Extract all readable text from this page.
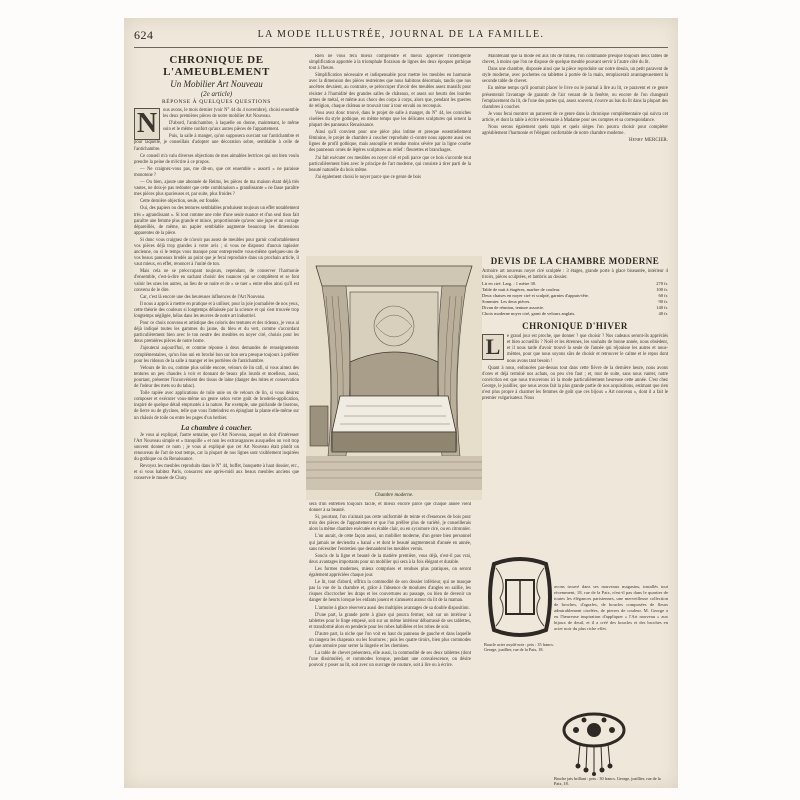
624	LA MODE ILLUSTRÉE, JOURNAL DE LA FAMILLE.
CHRONIQUE DE L'AMEUBLEMENT
Un Mobilier Art Nouveau
(2e article)
RÉPONSE À QUELQUES QUESTIONS
N	ous avons, le mois dernier (voir N° 44 du 4 novembre), choisi ensemble les deux premières pièces de notre mobilier Art Nouveau.

D'abord, l'antichambre, à laquelle on donne, maintenant, le même soin et le même confort qu'aux autres pièces de l'appartement.

Puis, la salle à manger, qu'on supposera ouvrant sur l'antichambre et pour laquelle, je conseillais d'adopter une décoration sobre, semblable à celle de l'antichambre.

Ce conseil m'a valu diverses objections de mes aimables lectrices qui ont bien voulu prendre la peine de m'écrire à ce propos.

— Ne craignez-vous pas, me dit-on, que cet ensemble « assorti » ne paraisse monotone ?

— Ou bien, ajoute une abonnée de Reims, les pièces de ma maison étant déjà très vastes, ne dois-je pas redouter que cette combinaison « grandissante » ne fasse paraître mes pièces plus spacieuses et, par suite, plus froides ?

Cette dernière objection, seule, est fondée.

Oui, des papiers ou des tentures semblables produisent toujours un effet notablement très « agrandissant ». Si tout comme une robe d'une seule nuance et d'un seul tissu fait paraître une femme plus grande et mince, proportionnée qu'avec une jupe et un corsage dépareillés, de même, un papier semblable augmente beaucoup les dimensions apparentes de la pièce.

Si donc vous craignez de n'avoir pas assez de meubles pour garnir confortablement vos pièces déjà trop grandes à votre avis ; si vous ne disposez d'aucun tapissier ancienne, ou si le temps vous manque pour entreprendre vous-même quelques-uns de vos beaux panneaux brodés au point que je ferai reproduire dans un prochain article, il vaut mieux, en effet, renoncer à l'unité de ton.

Mais cela ne se préoccupant toujours, cependant, de conserver l'harmonie d'ensemble, c'est-à-dire en sachant choisir des nuances qui se complètent et se font valoir les unes les autres, au lieu de se nuire et de « se tuer » entre elles ainsi qu'il est convenu de le dire.

Car, c'est là encore une des heureuses influences de l'Art Nouveau.

Il nous a appris à mettre en pratique et à utiliser, pour la joie journalière de nos yeux, cette théorie des couleurs si longtemps délaissée par la science et qui s'est trouvée trop longtemps négligée, hélas dans les œuvres de notre art industriel.

Pour ce choix nouveau et artistique des coloris des tentures et des rideaux, je vous ai déjà indiqué toutes les gammes du jaune, du bleu et du vert, comme s'accordant particulièrement bien avec le ton neutre des meubles en noyer ciré, choisis pour les deux premières pièces de notre home.

J'ajouterai aujourd'hui, et comme réponse à deux demandes de renseignements complémentaires, qu'un lino uni en broché bon sur bon sera presque toujours à préférer pour les rideaux de la salle à manger et les portières de l'antichambre.

Velours de lin ou, comme plus solide encore, velours de lin cafi, si vous aimez des tentures un peu chaudes à voir et donnant de beaux plis lourds et moelleux, aussi, pourtant, présenter l'inconvénient des tissus de laine (danger des mites et conservation de l'odeur des mets ou du tabac).

Toile rapiée avec applications de toile unie ou de velours de lin, si vous désirez composer et exécuter vous-même un genre selon votre goût de broderie-application, inspiré de quelque détail empruntés à la nature. Par exemple, une guirlande de liserons, de lierre ou de glycines, telle que vous l'atteindrez en épinglant la plante elle-même sur un châssis de toile ou entre les pages d'un herbier.

La chambre à coucher.

Je vous ai expliqué, l'autre semaine, que l'Art Nouveau, auquel on doit d'intéresser l'Art Nouveau simple et « tranquille » et non les extravagances auxquelles on voit trop souvent donner ce nom ; je vous ai expliqué que cet Art Nouveau était plutôt un renouveau de l'art de tout temps, car la plupart de nos lignes sont visiblement inspirées du gothique ou du Renaissance.

Revoyez les meubles reproduits dans le N° 44, buffet, banquette à haut dossier, etc., et si vous habitez Paris, consacrez une après-midi aux beaux meubles anciens que conserve le musée de Cluny.

Rien ne vous fera mieux comprendre et mieux apprécier l'intelligente simplification apportée à la triomphale floraison de lignes des deux époques gothique tout à l'heure.

Simplification nécessaire et indispensable pour mettre les meubles en harmonie avec la dimension des pièces restreintes que nous habitons désormais, tandis que nos ancêtres devaient, au contraire, se préoccuper d'avoir des meubles assez massifs pour résister à l'humidité des grandes salles de châteaux, et assez sur heurts des lourdes armes de métal, et même aux chocs des corps à corps, alors que, pendant les guerres de religion, chaque château se trouvait tour à tour envahi ou reconquis.

Vous avez donc trouvé, dans le projet de salle à manger, du N° 44, les corniches ciselées du style gothique, en même temps que les délicates sculptures qui ornent la plupart des panneaux Renaissance.

Ainsi qu'il convient pour une pièce plus intime et presque essentiellement féminine, le projet de chambre à coucher reproduite ci-contre nous apporte aussi ces lignes de profil gothique, mais assouplie et rendue moins sévère par la ligne courbe des panneaux ornés de légères sculptures au relief : fleurettes et branchages.

J'ai fait exécuter ces meubles en noyer ciré et poli parce que ce bois s'accorde tout particulièrement bien avec le principe de l'art moderne, qui consiste à tirer parti de la beauté naturelle du bois même.

J'ai également choisi le noyer parce que ce genre de bois

Maintenant que la mode est aux lits de milieu, l'on commande presque toujours deux tables de chevet, à moins que l'on ne dispose de quelque meuble pouvant servir à l'autre côté du lit.

Dans une chambre, disposée ainsi que la pièce reproduite sur notre dessin, un petit paravent de style moderne, avec pochettes ou tablettes à portée de la main, remplacerait avantageusement la seconde table de chevet.

En même temps qu'il pourrait placer le livre ou le journal à lire au lit, ce paravent et ce genre présenterait l'avantage de garantir de l'air venant de la fenêtre, ou encore de l'on changeait l'emplacement du lit, de l'une des portes qui, assez souvent, s'ouvre au bas du lit dans la plupart des chambres à coucher.

Je vous ferai montrer un paravent de ce genre dans la chronique complémentaire qui suivra cet article, et dont la table à écrire nécessaire à Madame pour ses comptes et sa correspondance.

Nous serons également quels tapis et quels sièges l'on pourra choisir pour compléter agréablement l'harmonie et l'élégant confortable de notre chambre moderne.

Henry MERCIER.
Chambre moderne.

sera d'un entretien toujours facile, et mieux encore parce que chaque année vient donner à sa beauté.

Si, pourtant, l'on n'aimait pas cette uniformité de teinte et d'essences de bois pour trois des pièces de l'appartement et que l'on préfère plus de variété, je conseillerais alors la même chambre exécutée en érable clair, ou en sycomore ciré, ou en citronnier.

L'on aurait, de cette façon aussi, un mobilier moderne, d'un genre bien personnel qui jamais ne deviendra « banal » et dont le beauté augmenterait d'année en année, sans nécessiter l'entretien que demandent les meubles vernis.

Soucis de la ligne et beauté de la matière première, vous déjà, n'est-il pas vrai, deux avantages importants pour un mobilier qui sera à la fois élégant et durable.

Les formes modernes, mieux comprises et rendues plus pratiques, on seront également appréciées chaque jour.

Le lit, tout d'abord, offrira la commodité de son dossier inférieur, qui ne masque pas la vue de la chambre et, grâce à l'absence de moulures d'angles en saillie, les risques d'accrocher les draps et les couvertures au passage, ou bien de devenir un danger de heurts lorsque les enfants jouent et s'amusent autour du lit de la maman.

L'armoire à glace réservera aussi des multiples avantages de sa double disposition.

D'une part, la grande porte à glace qui pourra fermer, soit sur un intérieur à tablettes pour le linge empesé, soit sur un même intérieur débarrassé de ses tablettes, et transformé alors en penderie pour les robes habillées et les robes de soir.

D'autre part, la niche que l'on voit en haut du panneau de gauche et dans laquelle on rangera les chapeaux ou les fourrures ; puis les quatre tiroirs, bien plus commodes qu'une armoire pour serrer la lingerie et les chemises.

La table de chevet présentera, elle aussi, la commodité de ses deux tablettes (dont l'une dissimulée), et commodes lorsque, pendant une convalescence, on désire pouvoir y poser au lit, soit avec un ouvrage de couture, soit à lire ou à écrire.

DEVIS DE LA CHAMBRE MODERNE
Armoire art nouveau noyer ciré sculptée : 3 étages, grande porte à glace biseautée, intérieur 4 tiroirs, pièces sculptées, et lambris au dossier.
Lit en ciré. Larg. : 1 mètre 30.	270 fr.
Table de nuit à étagères, marbre de couleur.	100 fr.
Deux chaises en noyer ciré et sculpté, garnies d'appuis-tête.	60 fr.
Sommier. Les deux pièces.	90 fr.
Divan de réunion, tenture assortie.	140 fr.
Choix moderne noyer ciré, garni de velours anglais.	40 fr.
CHRONIQUE D'HIVER
L	e grand jour est proche, que donner ? que choisir ? Nos cadeaux seront-ils appréciés et bien accueillis ? Noël et les étrennes, les souhaits de bonne année, nous obsèdent, et il nous tarde d'avoir trouvé la seule de l'année qui réjouisse les autres et nous-mêmes, pour que nous soyons sûrs de choisir et retrouver le calme et le repos dont nous avons tant besoin !

Quant à nous, enfoncées par-dessus tout dans cette fièvre de la dernière heure, nous avons d'ores et déjà terminé nos achats, ou peu s'en faut ; et, tout de suite, sans nous vanter, notre conviction est que nous trouverons ici la mode particulièrement heureuse cette année. C'est chez George, le joaillier, que nous avons fait la plus grande partie de nos acquisitions, estimant que rien n'est plus propre à charmer les femmes de goût que ces bijoux « Art nouveau », dont il a fait le premier vulgarisateur. Nous

Boucle acier oxydé noir : prix : 35 francs. George, joaillier, rue de la Paix, 18.
avons trouvé dans ses nouveaux magasins, installés tout récemment, 18, rue de la Paix, n'est-il pas dans le quartier de toutes les élégances parisiennes, une merveilleuse collection de broches, d'agrafes, de boucles composées de fleurs admirablement ciselées, de pierres de couleur. M. George a eu l'heureuse inspiration d'appliquer « l'Art nouveau » aux bijoux de deuil, et il a créé des boucles et des broches en acier noir du plus riche effet.
Broche jais brillant : prix : 30 francs. George, joaillier, rue de la Paix, 18.
